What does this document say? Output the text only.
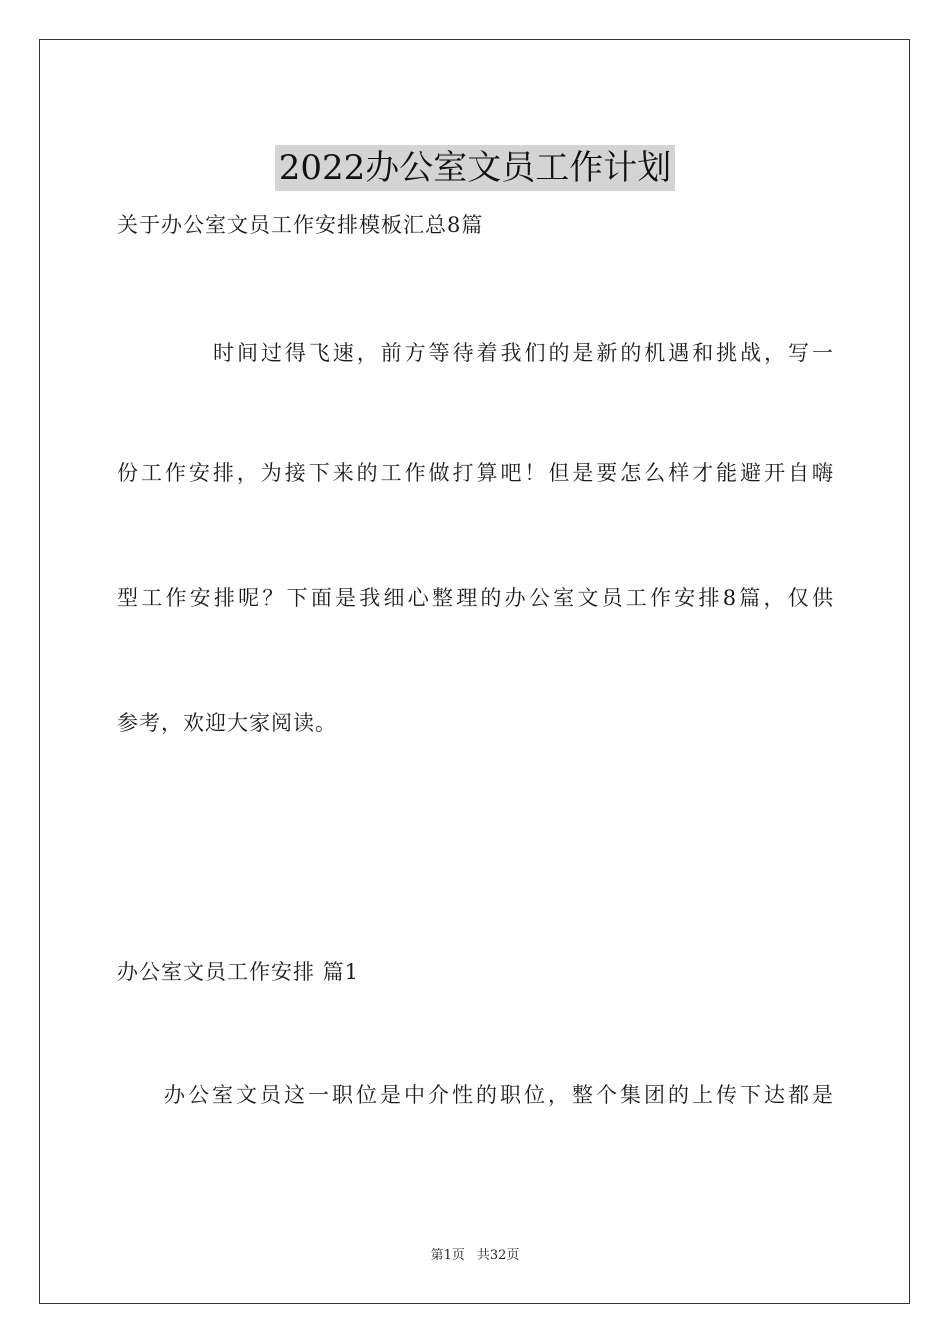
2022办公室文员工作计划
关于办公室文员工作安排模板汇总8篇
时间过得飞速，前方等待着我们的是新的机遇和挑战，写一
份工作安排，为接下来的工作做打算吧！但是要怎么样才能避开自嗨
型工作安排呢？下面是我细心整理的办公室文员工作安排8篇，仅供
参考，欢迎大家阅读。
办公室文员工作安排 篇1
办公室文员这一职位是中介性的职位，整个集团的上传下达都是
第1页 共32页
